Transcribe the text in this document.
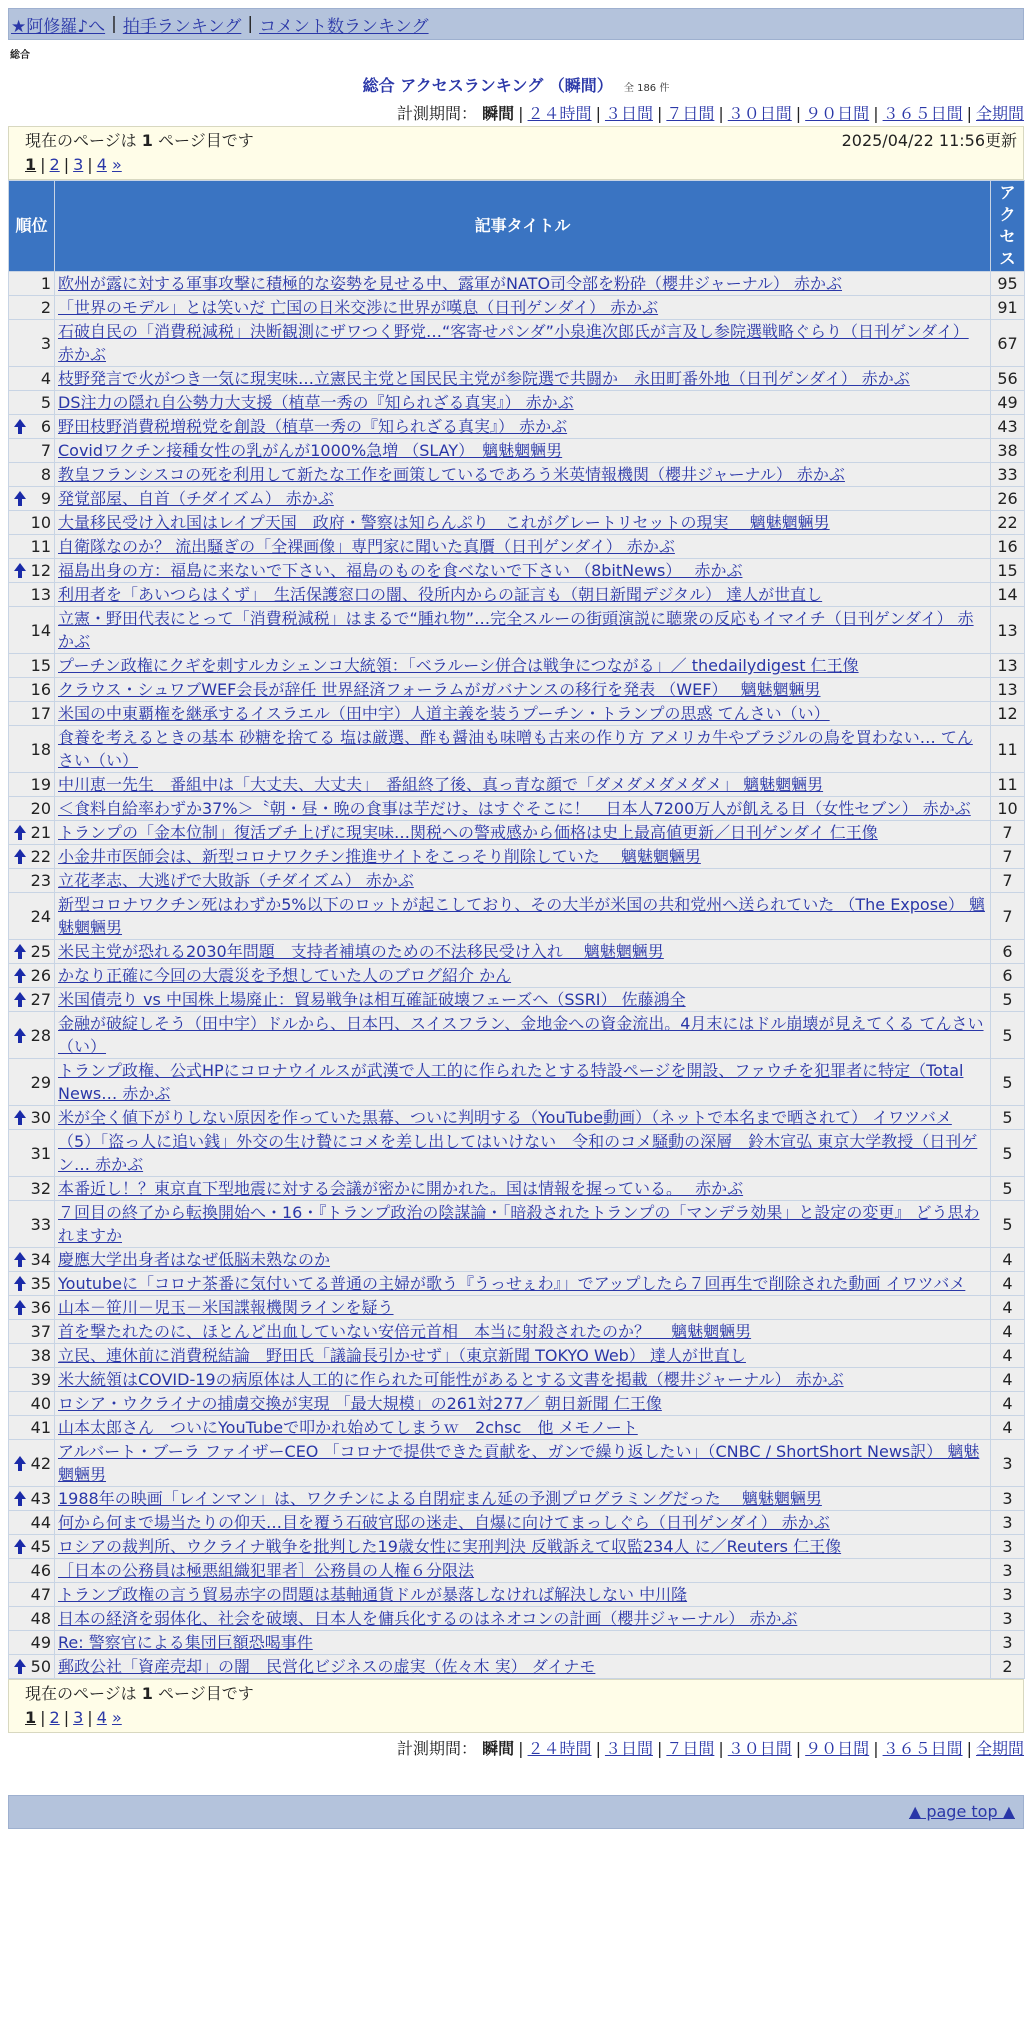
★阿修羅♪へ | 拍手ランキング | コメント数ランキング
総合
総合 アクセスランキング （瞬間） 全 186 件
計測期間： 瞬間 | ２４時間 | ３日間 | ７日間 | ３０日間 | ９０日間 | ３６５日間 | 全期間
現在のページは 1 ページ目です	2025/04/22 11:56更新
1 | 2 | 3 | 4 »
順位	記事タイトル	アクセス
1	欧州が露に対する軍事攻撃に積極的な姿勢を見せる中、露軍がNATO司令部を粉砕（櫻井ジャーナル） 赤かぶ	95
2	「世界のモデル」とは笑いだ 亡国の日米交渉に世界が嘆息（日刊ゲンダイ） 赤かぶ	91
3	石破自民の「消費税減税」決断観測にザワつく野党…“客寄せパンダ”小泉進次郎氏が言及し参院選戦略ぐらり（日刊ゲンダイ） 赤かぶ	67
4	枝野発言で火がつき一気に現実味…立憲民主党と国民民主党が参院選で共闘か　永田町番外地（日刊ゲンダイ） 赤かぶ	56
5	DS注力の隠れ自公勢力大支援（植草一秀の『知られざる真実』） 赤かぶ	49

6	野田枝野消費税増税党を創設（植草一秀の『知られざる真実』） 赤かぶ	43
7	Covidワクチン接種女性の乳がんが1000%急増 （SLAY）　魑魅魍魎男	38
8	教皇フランシスコの死を利用して新たな工作を画策しているであろう米英情報機関（櫻井ジャーナル） 赤かぶ	33

9	発覚部屋、自首（チダイズム） 赤かぶ	26
10	大量移民受け入れ国はレイプ天国　政府・警察は知らんぷり　これがグレートリセットの現実　 魑魅魍魎男	22
11	自衛隊なのか？ 流出騒ぎの「全裸画像」専門家に聞いた真贋（日刊ゲンダイ） 赤かぶ	16

12	福島出身の方：福島に来ないで下さい、福島のものを食べないで下さい （8bitNews）　 赤かぶ	15
13	利用者を「あいつらはくず」　生活保護窓口の闇、役所内からの証言も（朝日新聞デジタル） 達人が世直し	14
14	立憲・野田代表にとって「消費税減税」はまるで“腫れ物”…完全スルーの街頭演説に聴衆の反応もイマイチ（日刊ゲンダイ） 赤かぶ	13
15	プーチン政権にクギを刺すルカシェンコ大統領：「ベラルーシ併合は戦争につながる」／ thedailydigest 仁王像	13
16	クラウス・シュワブWEF会長が辞任 世界経済フォーラムがガバナンスの移行を発表 （WEF）　 魑魅魍魎男	13
17	米国の中東覇権を継承するイスラエル（田中宇）人道主義を装うプーチン・トランプの思惑 てんさい（い）	12
18	食養を考えるときの基本 砂糖を捨てる 塩は厳選、酢も醤油も味噌も古来の作り方 アメリカ牛やブラジルの鳥を買わない… てんさい（い）	11
19	中川恵一先生　番組中は「大丈夫、大丈夫」　番組終了後、真っ青な顔で「ダメダメダメダメ」 魑魅魍魎男	11
20	＜食料自給率わずか37%＞〝朝・昼・晩の食事は芋だけ〟はすぐそこに！　日本人7200万人が飢える日（女性セブン） 赤かぶ	10

21	トランプの「金本位制」復活ブチ上げに現実味…関税への警戒感から価格は史上最高値更新／日刊ゲンダイ 仁王像	7

22	小金井市医師会は、新型コロナワクチン推進サイトをこっそり削除していた　 魑魅魍魎男	7
23	立花孝志、大逃げで大敗訴（チダイズム） 赤かぶ	7
24	新型コロナワクチン死はわずか5%以下のロットが起こしており、その大半が米国の共和党州へ送られていた （The Expose） 魑魅魍魎男	7

25	米民主党が恐れる2030年問題　支持者補填のための不法移民受け入れ　 魑魅魍魎男	6

26	かなり正確に今回の大震災を予想していた人のブログ紹介 かん	6

27	米国債売り vs 中国株上場廃止：貿易戦争は相互確証破壊フェーズへ（SSRI） 佐藤鴻全	5

28	金融が破綻しそう（田中宇）ドルから、日本円、スイスフラン、金地金への資金流出。4月末にはドル崩壊が見えてくる てんさい（い）	5
29	トランプ政権、公式HPにコロナウイルスが武漢で人工的に作られたとする特設ページを開設、ファウチを犯罪者に特定（Total News… 赤かぶ	5

30	米が全く値下がりしない原因を作っていた黒幕、ついに判明する（YouTube動画）（ネットで本名まで晒されて） イワツバメ	5
31	（5）「盗っ人に追い銭」外交の生け贄にコメを差し出してはいけない　令和のコメ騒動の深層　鈴木宣弘 東京大学教授（日刊ゲン… 赤かぶ	5
32	本番近し！？東京直下型地震に対する会議が密かに開かれた。国は情報を握っている。　 赤かぶ	5
33	７回目の終了から転換開始へ・16・『トランプ政治の陰謀論・「暗殺されたトランプの「マンデラ効果」と設定の変更』 どう思われますか	5

34	慶應大学出身者はなぜ低脳未熟なのか	4

35	Youtubeに「コロナ茶番に気付いてる普通の主婦が歌う『うっせぇわ』」でアップしたら７回再生で削除された動画 イワツバメ	4

36	山本－笹川－児玉－米国諜報機関ラインを疑う	4
37	首を撃たれたのに、ほとんど出血していない安倍元首相　本当に射殺されたのか？　 魑魅魍魎男	4
38	立民、連休前に消費税結論　野田氏「議論長引かせず」（東京新聞 TOKYO Web） 達人が世直し	4
39	米大統領はCOVID-19の病原体は人工的に作られた可能性があるとする文書を掲載（櫻井ジャーナル） 赤かぶ	4
40	ロシア・ウクライナの捕虜交換が実現 「最大規模」の261対277／ 朝日新聞 仁王像	4
41	山本太郎さん　ついにYouTubeで叩かれ始めてしまうｗ　2chsc　他 メモノート	4

42	アルバート・ブーラ ファイザーCEO 「コロナで提供できた貢献を、ガンで繰り返したい」（CNBC / ShortShort News訳） 魑魅魍魎男	3

43	1988年の映画「レインマン」は、ワクチンによる自閉症まん延の予測プログラミングだった　 魑魅魍魎男	3
44	何から何まで場当たりの仰天…目を覆う石破官邸の迷走、自爆に向けてまっしぐら（日刊ゲンダイ） 赤かぶ	3

45	ロシアの裁判所、ウクライナ戦争を批判した19歳女性に実刑判決 反戦訴えて収監234人 に／Reuters 仁王像	3
46	［日本の公務員は極悪組織犯罪者］公務員の人権６分限法	3
47	トランプ政権の言う貿易赤字の問題は基軸通貨ドルが暴落しなければ解決しない 中川隆	3
48	日本の経済を弱体化、社会を破壊、日本人を傭兵化するのはネオコンの計画（櫻井ジャーナル） 赤かぶ	3
49	Re: 警察官による集団巨額恐喝事件	3

50	郵政公社「資産売却」の闇　民営化ビジネスの虚実（佐々木 実） ダイナモ	2
現在のページは 1 ページ目です
1 | 2 | 3 | 4 »
計測期間： 瞬間 | ２４時間 | ３日間 | ７日間 | ３０日間 | ９０日間 | ３６５日間 | 全期間
▲ page top ▲
